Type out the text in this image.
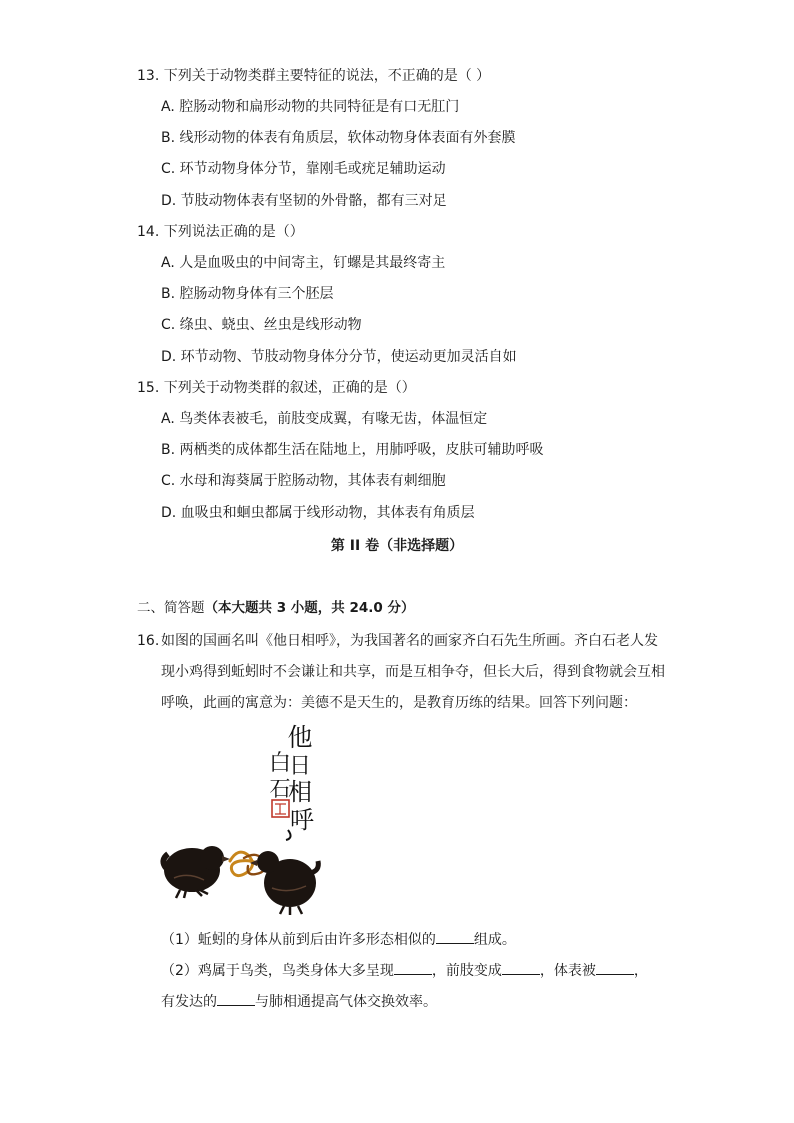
13. 下列关于动物类群主要特征的说法，不正确的是（ ）
A. 腔肠动物和扁形动物的共同特征是有口无肛门
B. 线形动物的体表有角质层，软体动物身体表面有外套膜
C. 环节动物身体分节，靠刚毛或疣足辅助运动
D. 节肢动物体表有坚韧的外骨骼，都有三对足
14. 下列说法正确的是（）
A. 人是血吸虫的中间寄主，钉螺是其最终寄主
B. 腔肠动物身体有三个胚层
C. 绦虫、蛲虫、丝虫是线形动物
D. 环节动物、节肢动物身体分分节，使运动更加灵活自如
15. 下列关于动物类群的叙述，正确的是（）
A. 鸟类体表被毛，前肢变成翼，有喙无齿，体温恒定
B. 两栖类的成体都生活在陆地上，用肺呼吸，皮肤可辅助呼吸
C. 水母和海葵属于腔肠动物，其体表有刺细胞
D. 血吸虫和蛔虫都属于线形动物，其体表有角质层
第 II 卷（非选择题）
二、简答题（本大题共 3 小题，共 24.0 分）
16. 如图的国画名叫《他日相呼》，为我国著名的画家齐白石先生所画。齐白石老人发现小鸡得到蚯蚓时不会谦让和共享，而是互相争夺，但长大后，得到食物就会互相呼唤，此画的寓意为：美德不是天生的，是教育历练的结果。回答下列问题：
他
日
相
呼
白
石
（1）蚯蚓的身体从前到后由许多形态相似的	组成。
（2）鸡属于鸟类，鸟类身体大多呈现	，前肢变成	，体表被	，
有发达的	与肺相通提高气体交换效率。
